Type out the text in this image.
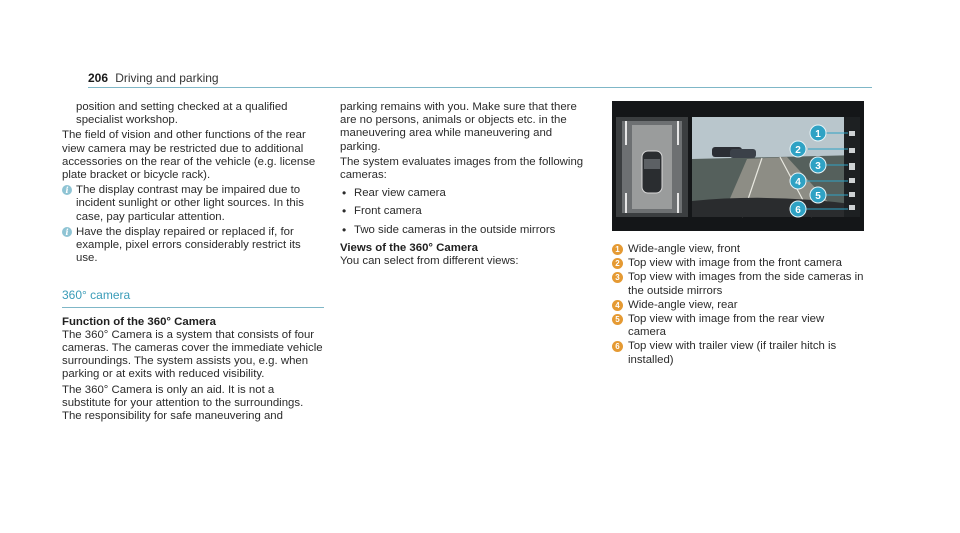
206 Driving and parking

position and setting checked at a qualified specialist workshop.

The field of vision and other functions of the rear view camera may be restricted due to additional accessories on the rear of the vehicle (e.g. license plate bracket or bicycle rack).

i The display contrast may be impaired due to incident sunlight or other light sources. In this case, pay particular attention.
i Have the display repaired or replaced if, for example, pixel errors considerably restrict its use.
360° camera
Function of the 360° Camera

The 360° Camera is a system that consists of four cameras. The cameras cover the immediate vehicle surroundings. The system assists you, e.g. when parking or at exits with reduced visibility.

The 360° Camera is only an aid. It is not a substitute for your attention to the surroundings. The responsibility for safe maneuvering and

parking remains with you. Make sure that there are no persons, animals or objects etc. in the maneuvering area while maneuvering and parking.

The system evaluates images from the following cameras:

• Rear view camera
• Front camera
• Two side cameras in the outside mirrors
Views of the 360° Camera

You can select from different views:

1
2
3
4
5
6
1 Wide-angle view, front
2 Top view with image from the front camera
3 Top view with images from the side cameras in the outside mirrors
4 Wide-angle view, rear
5 Top view with image from the rear view camera
6 Top view with trailer view (if trailer hitch is installed)
